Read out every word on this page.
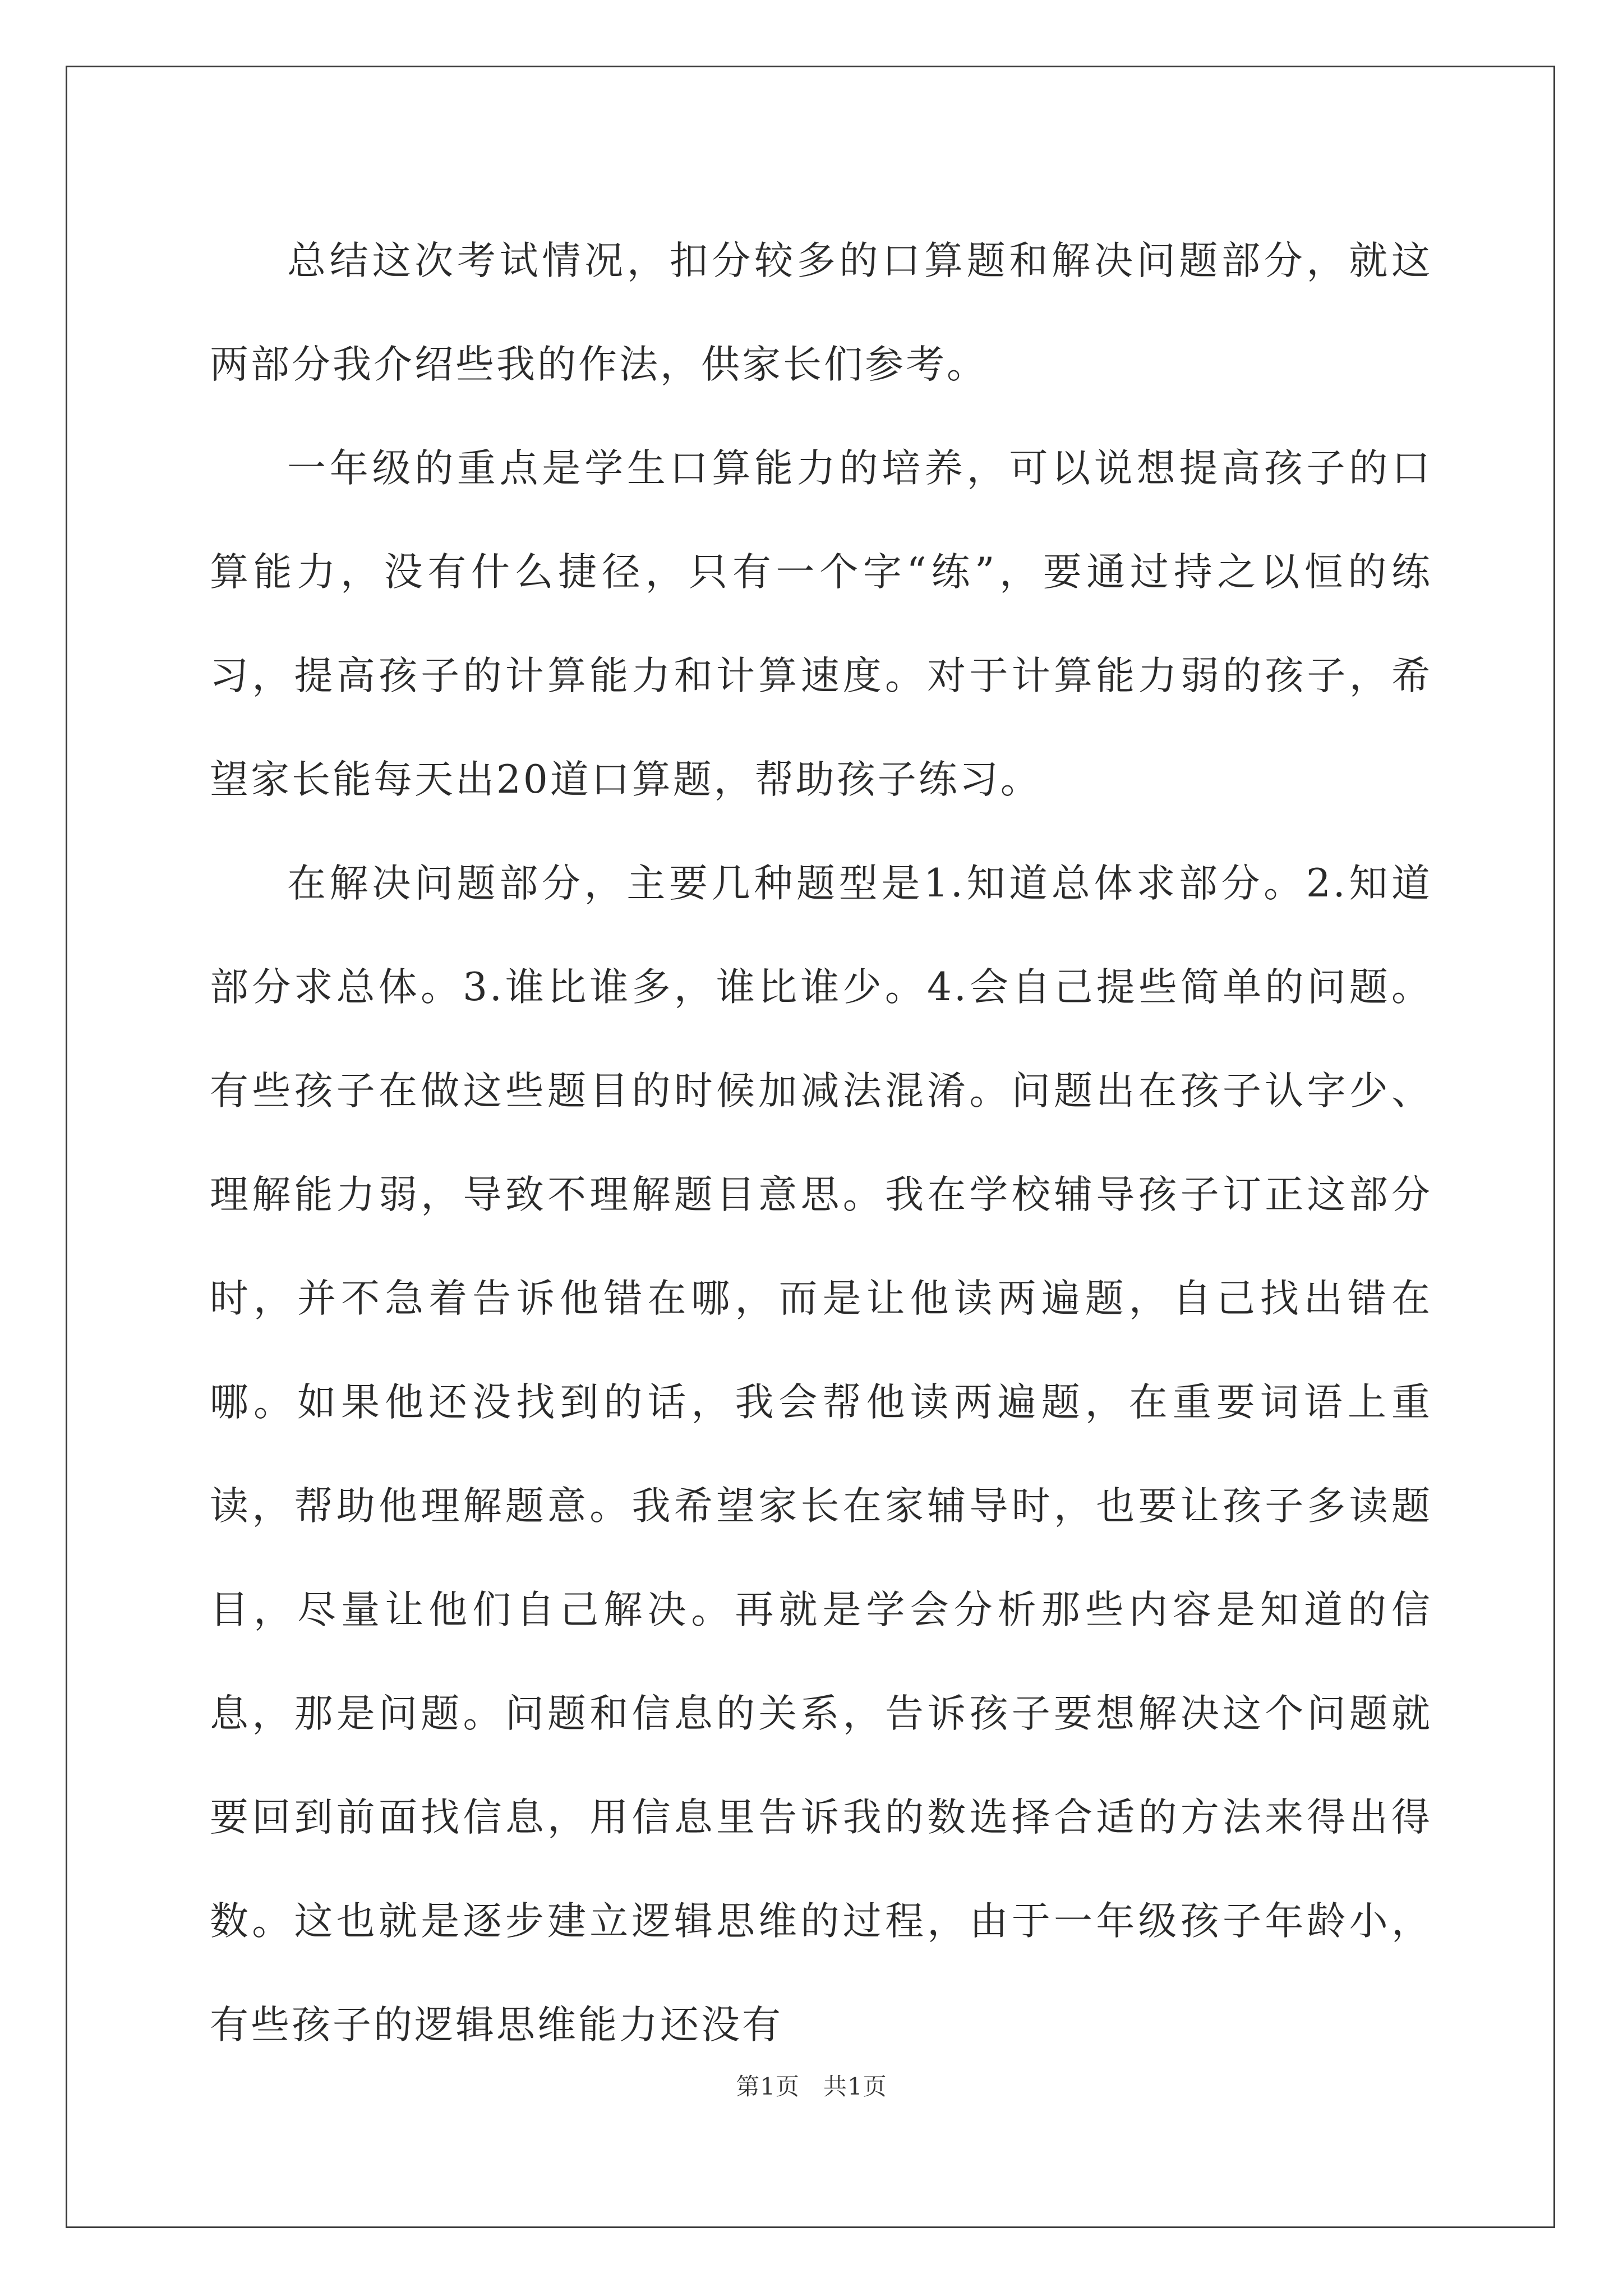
总结这次考试情况，扣分较多的口算题和解决问题部分，就这两部分我介绍些我的作法，供家长们参考。

一年级的重点是学生口算能力的培养，可以说想提高孩子的口算能力，没有什么捷径，只有一个字“练”，要通过持之以恒的练习，提高孩子的计算能力和计算速度。对于计算能力弱的孩子，希望家长能每天出20道口算题，帮助孩子练习。

在解决问题部分，主要几种题型是1.知道总体求部分。2.知道部分求总体。3.谁比谁多，谁比谁少。4.会自己提些简单的问题。有些孩子在做这些题目的时候加减法混淆。问题出在孩子认字少、理解能力弱，导致不理解题目意思。我在学校辅导孩子订正这部分时，并不急着告诉他错在哪，而是让他读两遍题，自己找出错在哪。如果他还没找到的话，我会帮他读两遍题，在重要词语上重读，帮助他理解题意。我希望家长在家辅导时，也要让孩子多读题目，尽量让他们自己解决。再就是学会分析那些内容是知道的信息，那是问题。问题和信息的关系，告诉孩子要想解决这个问题就要回到前面找信息，用信息里告诉我的数选择合适的方法来得出得数。这也就是逐步建立逻辑思维的过程，由于一年级孩子年龄小，有些孩子的逻辑思维能力还没有

第1页 共1页
